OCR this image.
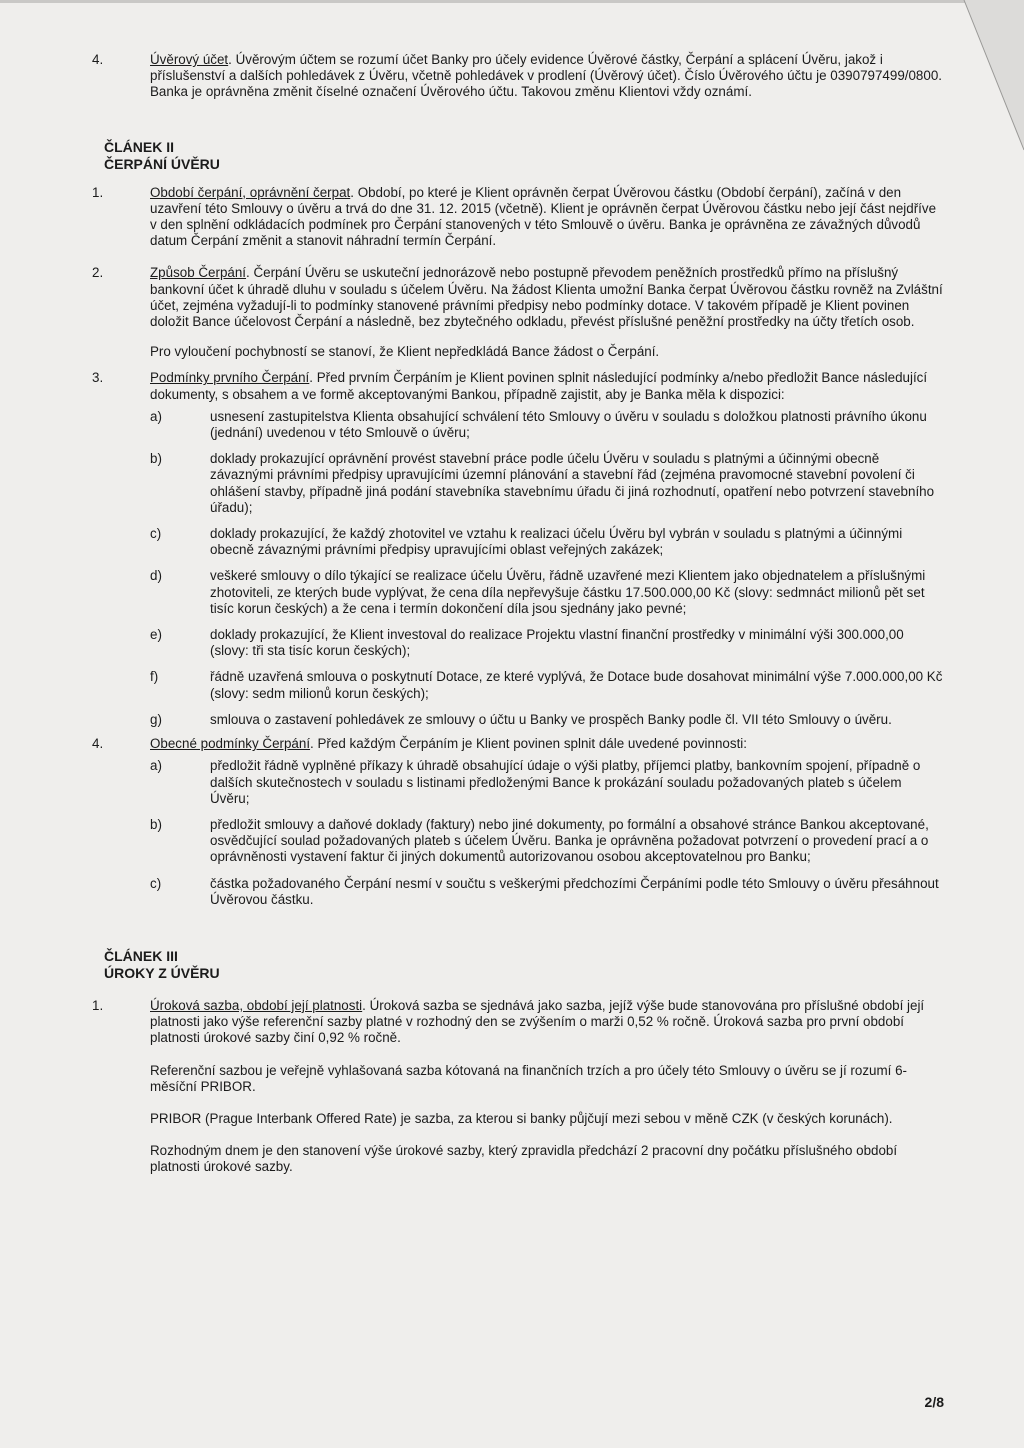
4.	Úvěrový účet. Úvěrovým účtem se rozumí účet Banky pro účely evidence Úvěrové částky, Čerpání a splácení Úvěru, jakož i příslušenství a dalších pohledávek z Úvěru, včetně pohledávek v prodlení (Úvěrový účet). Číslo Úvěrového účtu je 0390797499/0800. Banka je oprávněna změnit číselné označení Úvěrového účtu. Takovou změnu Klientovi vždy oznámí.

ČLÁNEK II

ČERPÁNÍ ÚVĚRU

1.	Období čerpání, oprávnění čerpat. Období, po které je Klient oprávněn čerpat Úvěrovou částku (Období čerpání), začíná v den uzavření této Smlouvy o úvěru a trvá do dne 31. 12. 2015 (včetně). Klient je oprávněn čerpat Úvěrovou částku nebo její část nejdříve v den splnění odkládacích podmínek pro Čerpání stanovených v této Smlouvě o úvěru. Banka je oprávněna ze závažných důvodů datum Čerpání změnit a stanovit náhradní termín Čerpání.
2.	Způsob Čerpání. Čerpání Úvěru se uskuteční jednorázově nebo postupně převodem peněžních prostředků přímo na příslušný bankovní účet k úhradě dluhu v souladu s účelem Úvěru. Na žádost Klienta umožní Banka čerpat Úvěrovou částku rovněž na Zvláštní účet, zejména vyžadují-li to podmínky stanovené právními předpisy nebo podmínky dotace. V takovém případě je Klient povinen doložit Bance účelovost Čerpání a následně, bez zbytečného odkladu, převést příslušné peněžní prostředky na účty třetích osob.

Pro vyloučení pochybností se stanoví, že Klient nepředkládá Bance žádost o Čerpání.

3.	Podmínky prvního Čerpání. Před prvním Čerpáním je Klient povinen splnit následující podmínky a/nebo předložit Bance následující dokumenty, s obsahem a ve formě akceptovanými Bankou, případně zajistit, aby je Banka měla k dispozici:
a)	usnesení zastupitelstva Klienta obsahující schválení této Smlouvy o úvěru v souladu s doložkou platnosti právního úkonu (jednání) uvedenou v této Smlouvě o úvěru;
b)	doklady prokazující oprávnění provést stavební práce podle účelu Úvěru v souladu s platnými a účinnými obecně závaznými právními předpisy upravujícími územní plánování a stavební řád (zejména pravomocné stavební povolení či ohlášení stavby, případně jiná podání stavebníka stavebnímu úřadu či jiná rozhodnutí, opatření nebo potvrzení stavebního úřadu);
c)	doklady prokazující, že každý zhotovitel ve vztahu k realizaci účelu Úvěru byl vybrán v souladu s platnými a účinnými obecně závaznými právními předpisy upravujícími oblast veřejných zakázek;
d)	veškeré smlouvy o dílo týkající se realizace účelu Úvěru, řádně uzavřené mezi Klientem jako objednatelem a příslušnými zhotoviteli, ze kterých bude vyplývat, že cena díla nepřevyšuje částku 17.500.000,00 Kč (slovy: sedmnáct milionů pět set tisíc korun českých) a že cena i termín dokončení díla jsou sjednány jako pevné;
e)	doklady prokazující, že Klient investoval do realizace Projektu vlastní finanční prostředky v minimální výši 300.000,00 (slovy: tři sta tisíc korun českých);
f)	řádně uzavřená smlouva o poskytnutí Dotace, ze které vyplývá, že Dotace bude dosahovat minimální výše 7.000.000,00 Kč (slovy: sedm milionů korun českých);
g)	smlouva o zastavení pohledávek ze smlouvy o účtu u Banky ve prospěch Banky podle čl. VII této Smlouvy o úvěru.
4.	Obecné podmínky Čerpání. Před každým Čerpáním je Klient povinen splnit dále uvedené povinnosti:
a)	předložit řádně vyplněné příkazy k úhradě obsahující údaje o výši platby, příjemci platby, bankovním spojení, případně o dalších skutečnostech v souladu s listinami předloženými Bance k prokázání souladu požadovaných plateb s účelem Úvěru;
b)	předložit smlouvy a daňové doklady (faktury) nebo jiné dokumenty, po formální a obsahové stránce Bankou akceptované, osvědčující soulad požadovaných plateb s účelem Úvěru. Banka je oprávněna požadovat potvrzení o provedení prací a o oprávněnosti vystavení faktur či jiných dokumentů autorizovanou osobou akceptovatelnou pro Banku;
c)	částka požadovaného Čerpání nesmí v součtu s veškerými předchozími Čerpáními podle této Smlouvy o úvěru přesáhnout Úvěrovou částku.

ČLÁNEK III

ÚROKY Z ÚVĚRU

1.	Úroková sazba, období její platnosti. Úroková sazba se sjednává jako sazba, jejíž výše bude stanovována pro příslušné období její platnosti jako výše referenční sazby platné v rozhodný den se zvýšením o marži 0,52 % ročně. Úroková sazba pro první období platnosti úrokové sazby činí 0,92 % ročně.

Referenční sazbou je veřejně vyhlašovaná sazba kótovaná na finančních trzích a pro účely této Smlouvy o úvěru se jí rozumí 6-měsíční PRIBOR.

PRIBOR (Prague Interbank Offered Rate) je sazba, za kterou si banky půjčují mezi sebou v měně CZK (v českých korunách).

Rozhodným dnem je den stanovení výše úrokové sazby, který zpravidla předchází 2 pracovní dny počátku příslušného období platnosti úrokové sazby.

2/8
